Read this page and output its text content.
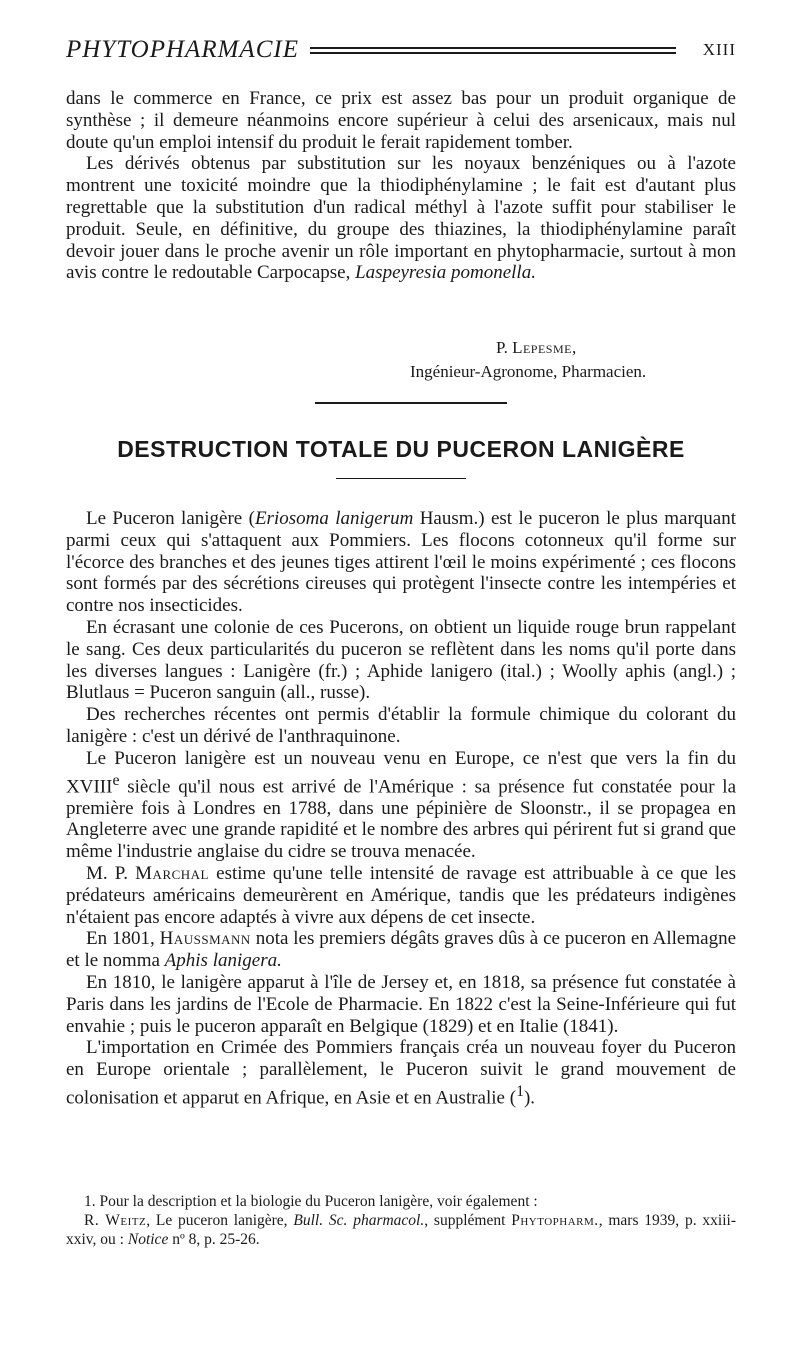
PHYTOPHARMACIE	XIII

dans le commerce en France, ce prix est assez bas pour un produit organique de synthèse ; il demeure néanmoins encore supérieur à celui des arsenicaux, mais nul doute qu'un emploi intensif du produit le ferait rapidement tomber.

Les dérivés obtenus par substitution sur les noyaux benzéniques ou à l'azote montrent une toxicité moindre que la thiodiphénylamine ; le fait est d'autant plus regrettable que la substitution d'un radical méthyl à l'azote suffit pour stabiliser le produit. Seule, en définitive, du groupe des thiazines, la thiodiphénylamine paraît devoir jouer dans le proche avenir un rôle important en phytopharmacie, surtout à mon avis contre le redoutable Carpocapse, Laspeyresia pomonella.

P. Lepesme,
Ingénieur-Agronome, Pharmacien.
DESTRUCTION TOTALE DU PUCERON LANIGÈRE

Le Puceron lanigère (Eriosoma lanigerum Hausm.) est le puceron le plus marquant parmi ceux qui s'attaquent aux Pommiers. Les flocons cotonneux qu'il forme sur l'écorce des branches et des jeunes tiges attirent l'œil le moins expérimenté ; ces flocons sont formés par des sécrétions cireuses qui protègent l'insecte contre les intempéries et contre nos insecticides.

En écrasant une colonie de ces Pucerons, on obtient un liquide rouge brun rappelant le sang. Ces deux particularités du puceron se reflètent dans les noms qu'il porte dans les diverses langues : Lanigère (fr.) ; Aphide lanigero (ital.) ; Woolly aphis (angl.) ; Blutlaus = Puceron sanguin (all., russe).

Des recherches récentes ont permis d'établir la formule chimique du colorant du lanigère : c'est un dérivé de l'anthraquinone.

Le Puceron lanigère est un nouveau venu en Europe, ce n'est que vers la fin du XVIIIe siècle qu'il nous est arrivé de l'Amérique : sa présence fut constatée pour la première fois à Londres en 1788, dans une pépinière de Sloonstr., il se propagea en Angleterre avec une grande rapidité et le nombre des arbres qui périrent fut si grand que même l'industrie anglaise du cidre se trouva menacée.

M. P. Marchal estime qu'une telle intensité de ravage est attribuable à ce que les prédateurs américains demeurèrent en Amérique, tandis que les prédateurs indigènes n'étaient pas encore adaptés à vivre aux dépens de cet insecte.

En 1801, Haussmann nota les premiers dégâts graves dûs à ce puceron en Allemagne et le nomma Aphis lanigera.

En 1810, le lanigère apparut à l'île de Jersey et, en 1818, sa présence fut constatée à Paris dans les jardins de l'Ecole de Pharmacie. En 1822 c'est la Seine-Inférieure qui fut envahie ; puis le puceron apparaît en Belgique (1829) et en Italie (1841).

L'importation en Crimée des Pommiers français créa un nouveau foyer du Puceron en Europe orientale ; parallèlement, le Puceron suivit le grand mouvement de colonisation et apparut en Afrique, en Asie et en Australie ($^1$).

1. Pour la description et la biologie du Puceron lanigère, voir également :

R. Weitz, Le puceron lanigère, Bull. Sc. pharmacol., supplément Phytopharm., mars 1939, p. xxiii-xxiv, ou : Notice nº 8, p. 25-26.
